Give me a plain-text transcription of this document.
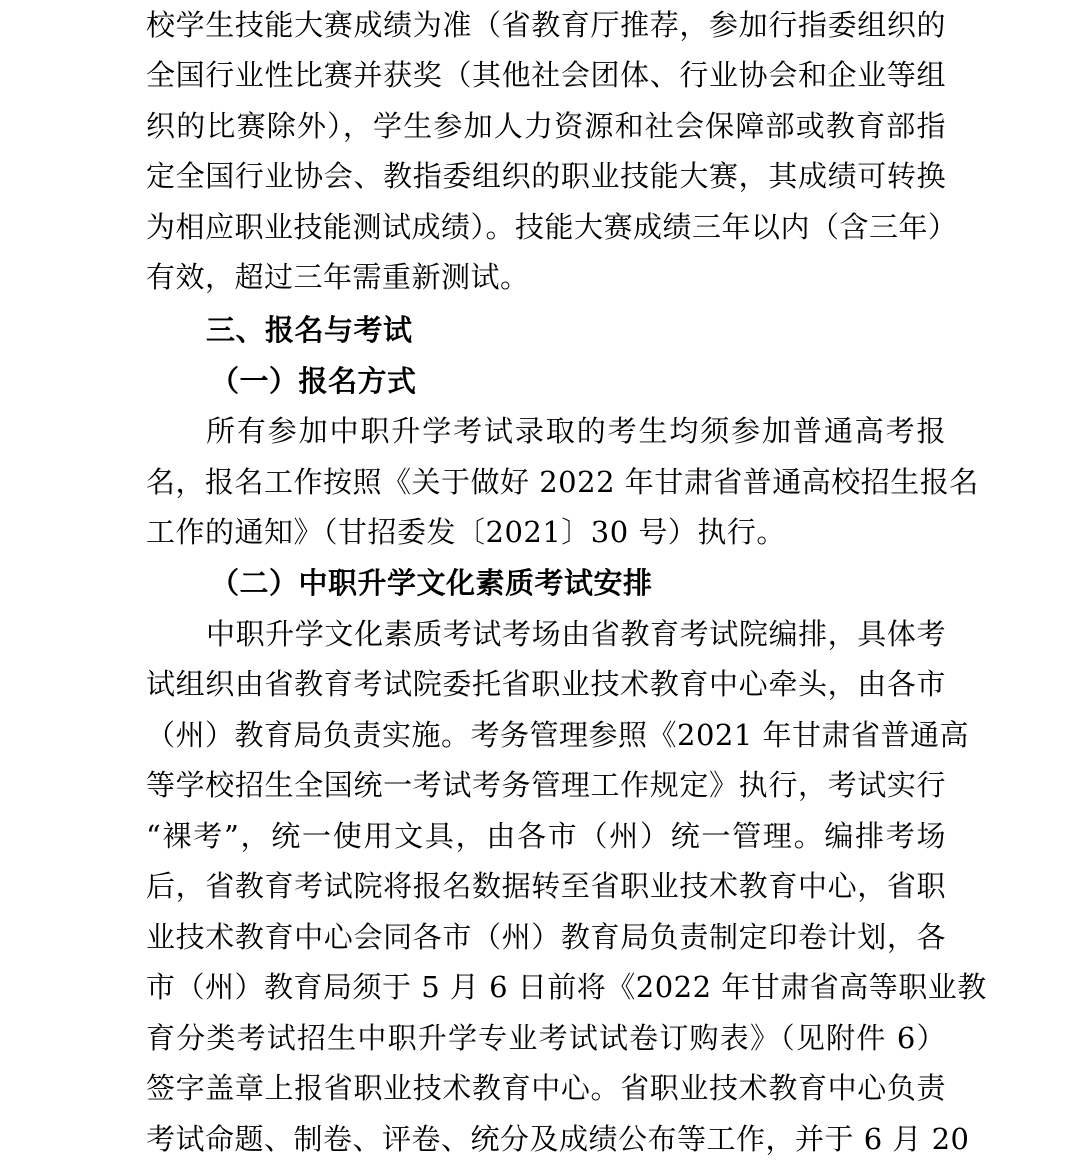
校学生技能大赛成绩为准（省教育厅推荐，参加行指委组织的
全国行业性比赛并获奖（其他社会团体、行业协会和企业等组
织的比赛除外），学生参加人力资源和社会保障部或教育部指
定全国行业协会、教指委组织的职业技能大赛，其成绩可转换
为相应职业技能测试成绩）。技能大赛成绩三年以内（含三年）
有效，超过三年需重新测试。
三、报名与考试
（一）报名方式
所有参加中职升学考试录取的考生均须参加普通高考报
名，报名工作按照《关于做好 2022 年甘肃省普通高校招生报名
工作的通知》（甘招委发〔2021〕30 号）执行。
（二）中职升学文化素质考试安排
中职升学文化素质考试考场由省教育考试院编排，具体考
试组织由省教育考试院委托省职业技术教育中心牵头，由各市
（州）教育局负责实施。考务管理参照《2021 年甘肃省普通高
等学校招生全国统一考试考务管理工作规定》执行，考试实行
“裸考”，统一使用文具，由各市（州）统一管理。编排考场
后，省教育考试院将报名数据转至省职业技术教育中心，省职
业技术教育中心会同各市（州）教育局负责制定印卷计划，各
市（州）教育局须于 5 月 6 日前将《2022 年甘肃省高等职业教
育分类考试招生中职升学专业考试试卷订购表》（见附件 6）
签字盖章上报省职业技术教育中心。省职业技术教育中心负责
考试命题、制卷、评卷、统分及成绩公布等工作，并于 6 月 20
